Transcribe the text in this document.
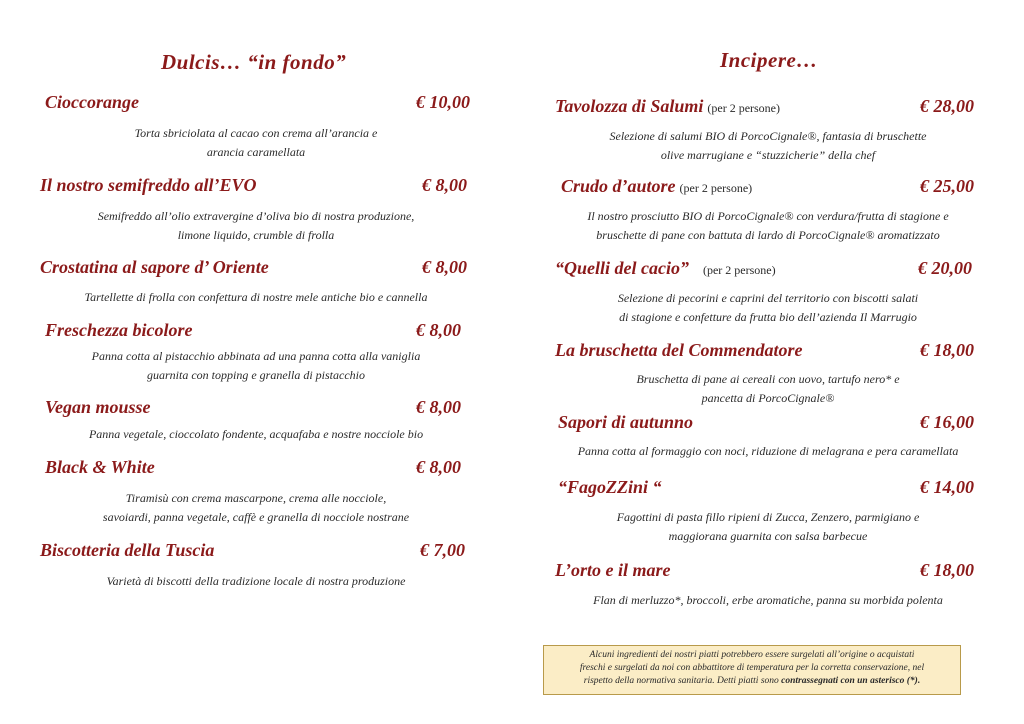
Dulcis… “in fondo”
Cioccorange	€ 10,00
Torta sbriciolata al cacao con crema all’arancia e
arancia caramellata
Il nostro semifreddo all’EVO	€ 8,00
Semifreddo all’olio extravergine d’oliva bio di nostra produzione,
limone liquido, crumble di frolla
Crostatina al sapore d’ Oriente	€ 8,00
Tartellette di frolla con confettura di nostre mele antiche bio e cannella
Freschezza bicolore	€ 8,00
Panna cotta al pistacchio abbinata ad una panna cotta alla vaniglia
guarnita con topping e granella di pistacchio
Vegan mousse	€ 8,00
Panna vegetale, cioccolato fondente, acquafaba e nostre nocciole bio
Black & White	€ 8,00
Tiramisù con crema mascarpone, crema alle nocciole,
savoiardi, panna vegetale, caffè e granella di nocciole nostrane
Biscotteria della Tuscia	€ 7,00
Varietà di biscotti della tradizione locale di nostra produzione
Incipere…
Tavolozza di Salumi (per 2 persone)	€ 28,00
Selezione di salumi BIO di PorcoCignale®, fantasia di bruschette
olive marrugiane e “stuzzicherie” della chef
Crudo d’autore (per 2 persone)	€ 25,00
Il nostro prosciutto BIO di PorcoCignale® con verdura/frutta di stagione e
bruschette di pane con battuta di lardo di PorcoCignale® aromatizzato
“Quelli del cacio” (per 2 persone)	€ 20,00
Selezione di pecorini e caprini del territorio con biscotti salati
di stagione e confetture da frutta bio dell’azienda Il Marrugio
La bruschetta del Commendatore	€ 18,00
Bruschetta di pane ai cereali con uovo, tartufo nero* e
pancetta di PorcoCignale®
Sapori di autunno	€ 16,00
Panna cotta al formaggio con noci, riduzione di melagrana e pera caramellata
“FagoZZini “	€ 14,00
Fagottini di pasta fillo ripieni di Zucca, Zenzero, parmigiano e
maggiorana guarnita con salsa barbecue
L’orto e il mare	€ 18,00
Flan di merluzzo*, broccoli, erbe aromatiche, panna su morbida polenta
Alcuni ingredienti dei nostri piatti potrebbero essere surgelati all’origine o acquistati
freschi e surgelati da noi con abbattitore di temperatura per la corretta conservazione, nel
rispetto della normativa sanitaria. Detti piatti sono contrassegnati con un asterisco (*).
